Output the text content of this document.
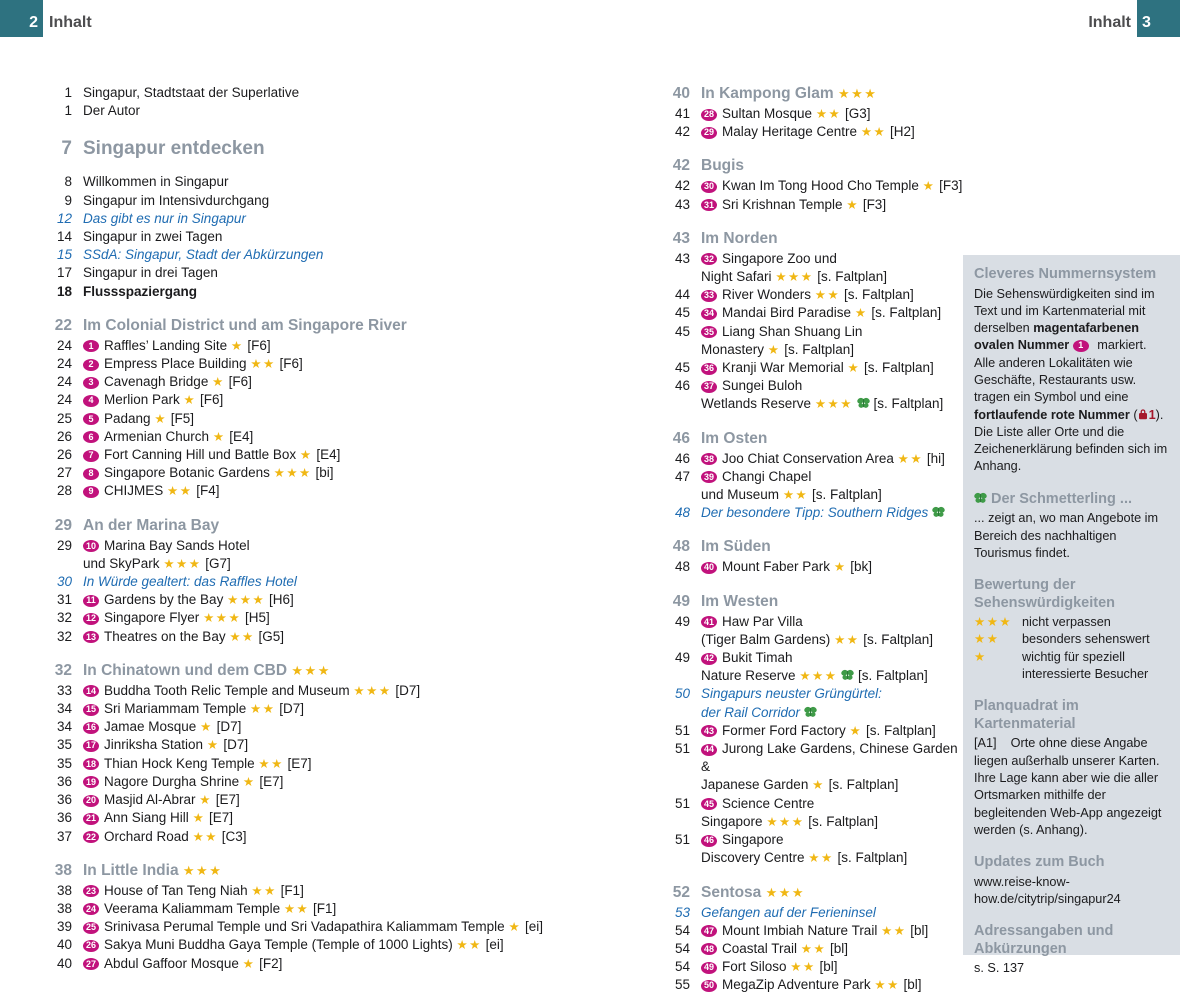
2 Inhalt	Inhalt 3
1 Singapur, Stadtstaat der Superlative
1 Der Autor
7 Singapur entdecken
8 Willkommen in Singapur
9 Singapur im Intensivdurchgang
12 Das gibt es nur in Singapur
14 Singapur in zwei Tagen
15 SSdA: Singapur, Stadt der Abkürzungen
17 Singapur in drei Tagen
18 Flussspaziergang
22 Im Colonial District und am Singapore River
24	1 Raffles’ Landing Site ★ [F6]
24	2 Empress Place Building ★★ [F6]
24	3 Cavenagh Bridge ★ [F6]
24	4 Merlion Park ★ [F6]
25	5 Padang ★ [F5]
26	6 Armenian Church ★ [E4]
26	7 Fort Canning Hill und Battle Box ★ [E4]
27	8 Singapore Botanic Gardens ★★★ [bi]
28	9 CHIJMES ★★ [F4]
29 An der Marina Bay
29	10 Marina Bay Sands Hotel
und SkyPark ★★★ [G7]
30 In Würde gealtert: das Raffles Hotel
31	11 Gardens by the Bay ★★★ [H6]
32	12 Singapore Flyer ★★★ [H5]
32	13 Theatres on the Bay ★★ [G5]
32 In Chinatown und dem CBD ★★★
33	14 Buddha Tooth Relic Temple and Museum ★★★ [D7]
34	15 Sri Mariammam Temple ★★ [D7]
34	16 Jamae Mosque ★ [D7]
35	17 Jinriksha Station ★ [D7]
35	18 Thian Hock Keng Temple ★★ [E7]
36	19 Nagore Durgha Shrine ★ [E7]
36	20 Masjid Al-Abrar ★ [E7]
36	21 Ann Siang Hill ★ [E7]
37	22 Orchard Road ★★ [C3]
38 In Little India ★★★
38	23 House of Tan Teng Niah ★★ [F1]
38	24 Veerama Kaliammam Temple ★★ [F1]
39	25 Srinivasa Perumal Temple und Sri Vadapathira Kaliammam Temple ★ [ei]
40	26 Sakya Muni Buddha Gaya Temple (Temple of 1000 Lights) ★★ [ei]
40	27 Abdul Gaffoor Mosque ★ [F2]
40 In Kampong Glam ★★★
41	28 Sultan Mosque ★★ [G3]
42	29 Malay Heritage Centre ★★ [H2]
42 Bugis
42	30 Kwan Im Tong Hood Cho Temple ★ [F3]
43	31 Sri Krishnan Temple ★ [F3]
43 Im Norden
43	32 Singapore Zoo und
Night Safari ★★★ [s. Faltplan]
44	33 River Wonders ★★ [s. Faltplan]
45	34 Mandai Bird Paradise ★ [s. Faltplan]
45	35 Liang Shan Shuang Lin
Monastery ★ [s. Faltplan]
45	36 Kranji War Memorial ★ [s. Faltplan]
46	37 Sungei Buloh
Wetlands Reserve ★★★ [s. Faltplan]
46 Im Osten
46	38 Joo Chiat Conservation Area ★★ [hi]
47	39 Changi Chapel
und Museum ★★ [s. Faltplan]
48 Der besondere Tipp: Southern Ridges
48 Im Süden
48	40 Mount Faber Park ★ [bk]
49 Im Westen
49	41 Haw Par Villa
(Tiger Balm Gardens) ★★ [s. Faltplan]
49	42 Bukit Timah
Nature Reserve ★★★ [s. Faltplan]
50 Singapurs neuster Grüngürtel:
der Rail Corridor
51	43 Former Ford Factory ★ [s. Faltplan]
51	44 Jurong Lake Gardens, Chinese Garden &
Japanese Garden ★ [s. Faltplan]
51	45 Science Centre
Singapore ★★★ [s. Faltplan]
51	46 Singapore
Discovery Centre ★★ [s. Faltplan]
52 Sentosa ★★★
53 Gefangen auf der Ferieninsel
54	47 Mount Imbiah Nature Trail ★★ [bl]
54	48 Coastal Trail ★★ [bl]
54	49 Fort Siloso ★★ [bl]
55	50 MegaZip Adventure Park ★★ [bl]
Cleveres Nummernsystem

Die Sehenswürdigkeiten sind im Text und im Kartenmaterial mit derselben magentafarbenen ovalen Nummer 1 markiert. Alle anderen Lokalitäten wie Geschäfte, Restaurants usw. tragen ein Symbol und eine fortlaufende rote Nummer ( 1). Die Liste aller Orte und die Zeichenerklärung befinden sich im Anhang.

Der Schmetterling ...

... zeigt an, wo man Angebote im Bereich des nachhaltigen Tourismus findet.

Bewertung der Sehenswürdigkeiten
★★★ nicht verpassen
★★	besonders sehenswert
★	wichtig für speziell interessierte Besucher
Planquadrat im Kartenmaterial

[A1]    Orte ohne diese Angabe liegen außerhalb unserer Karten. Ihre Lage kann aber wie die aller Ortsmarken mithilfe der begleitenden Web-App angezeigt werden (s. Anhang).

Updates zum Buch

www.reise-know-how.de/citytrip/singapur24

Adressangaben und Abkürzungen

s. S. 137
